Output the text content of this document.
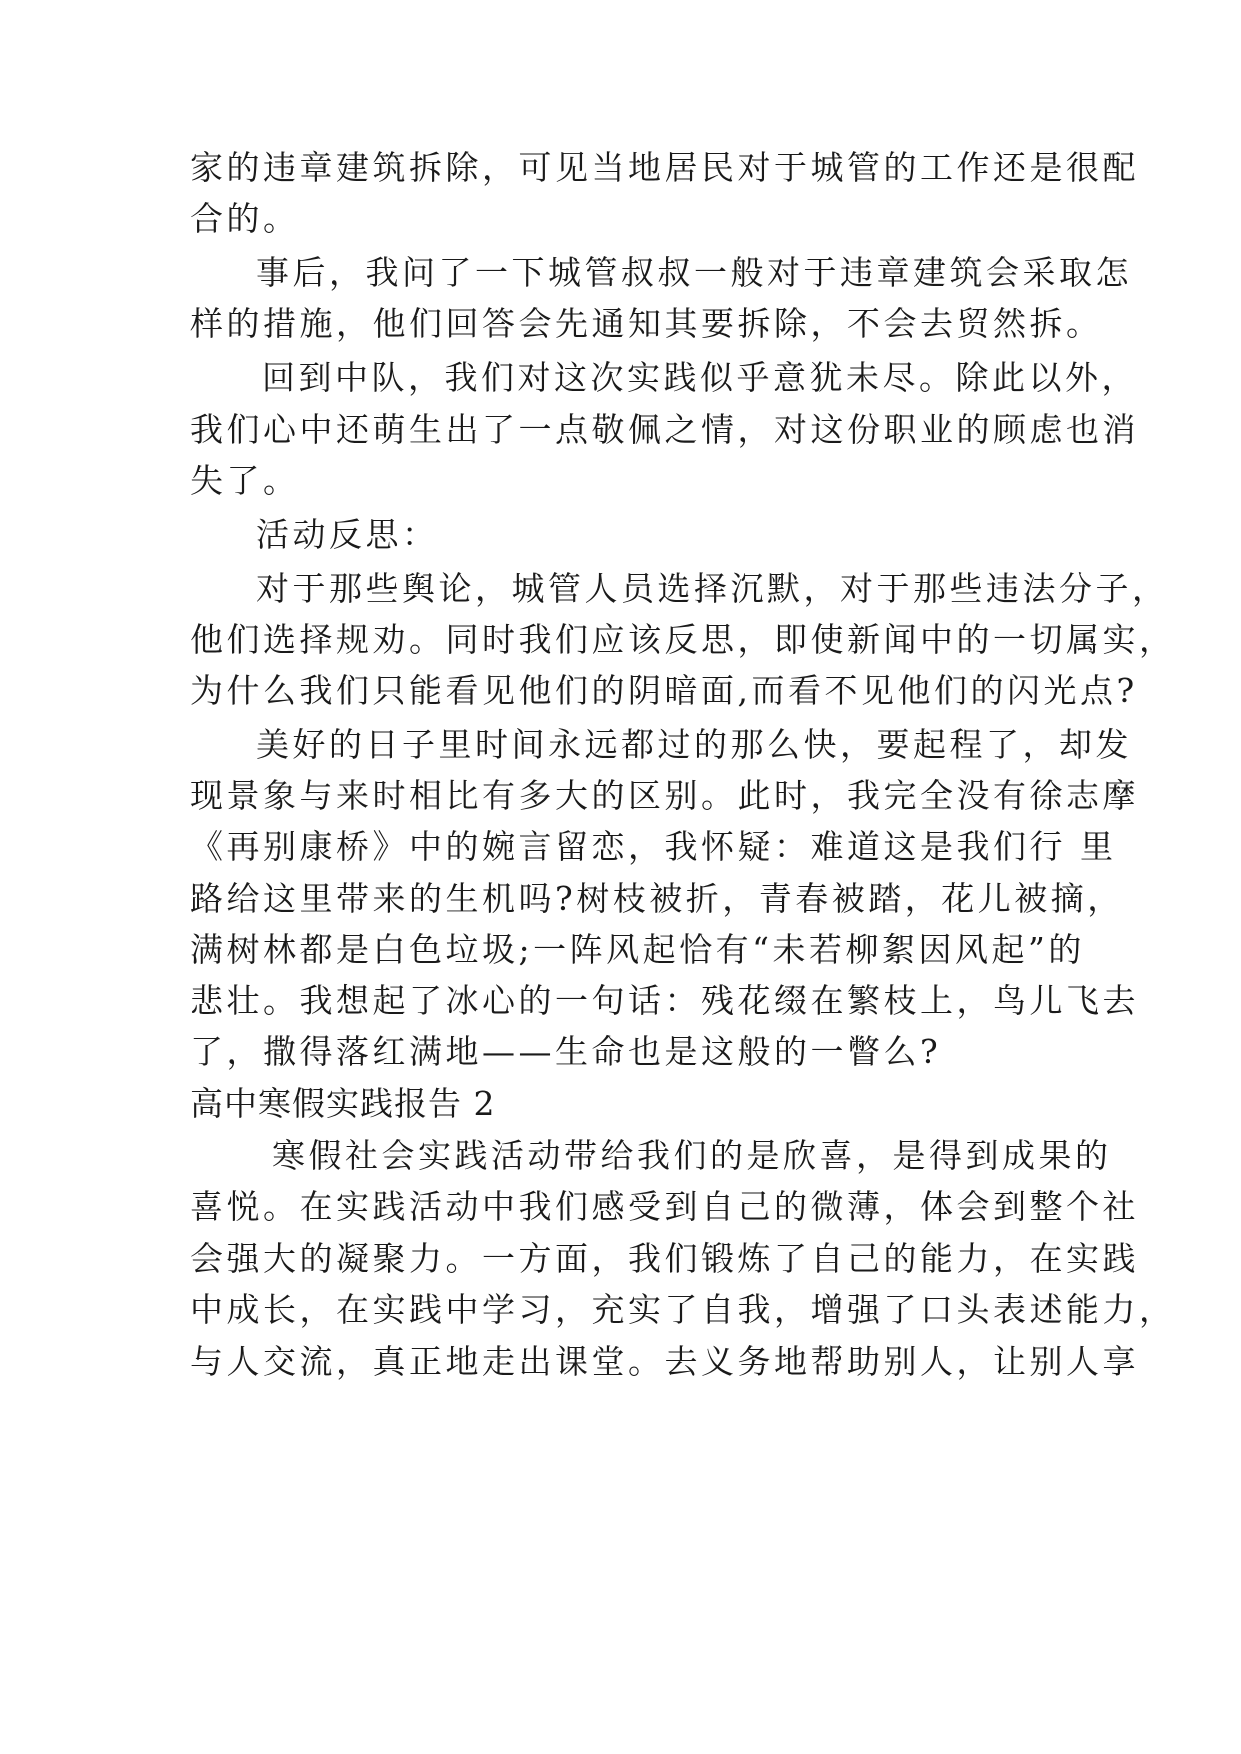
家的违章建筑拆除，可见当地居民对于城管的工作还是很配

合的。

事后，我问了一下城管叔叔一般对于违章建筑会采取怎

样的措施，他们回答会先通知其要拆除，不会去贸然拆。

回到中队，我们对这次实践似乎意犹未尽。除此以外，

我们心中还萌生出了一点敬佩之情，对这份职业的顾虑也消

失了。

活动反思：

对于那些舆论，城管人员选择沉默，对于那些违法分子，

他们选择规劝。同时我们应该反思，即使新闻中的一切属实，

为什么我们只能看见他们的阴暗面,而看不见他们的闪光点?

美好的日子里时间永远都过的那么快，要起程了，却发

现景象与来时相比有多大的区别。此时，我完全没有徐志摩

《再别康桥》中的婉言留恋，我怀疑：难道这是我们行 里

路给这里带来的生机吗?树枝被折，青春被踏，花儿被摘，

满树林都是白色垃圾;一阵风起恰有“未若柳絮因风起”的

悲壮。我想起了冰心的一句话：残花缀在繁枝上，鸟儿飞去

了，撒得落红满地——生命也是这般的一瞥么?

高中寒假实践报告 2

寒假社会实践活动带给我们的是欣喜，是得到成果的

喜悦。在实践活动中我们感受到自己的微薄，体会到整个社

会强大的凝聚力。一方面，我们锻炼了自己的能力，在实践

中成长，在实践中学习，充实了自我，增强了口头表述能力，

与人交流，真正地走出课堂。去义务地帮助别人，让别人享
